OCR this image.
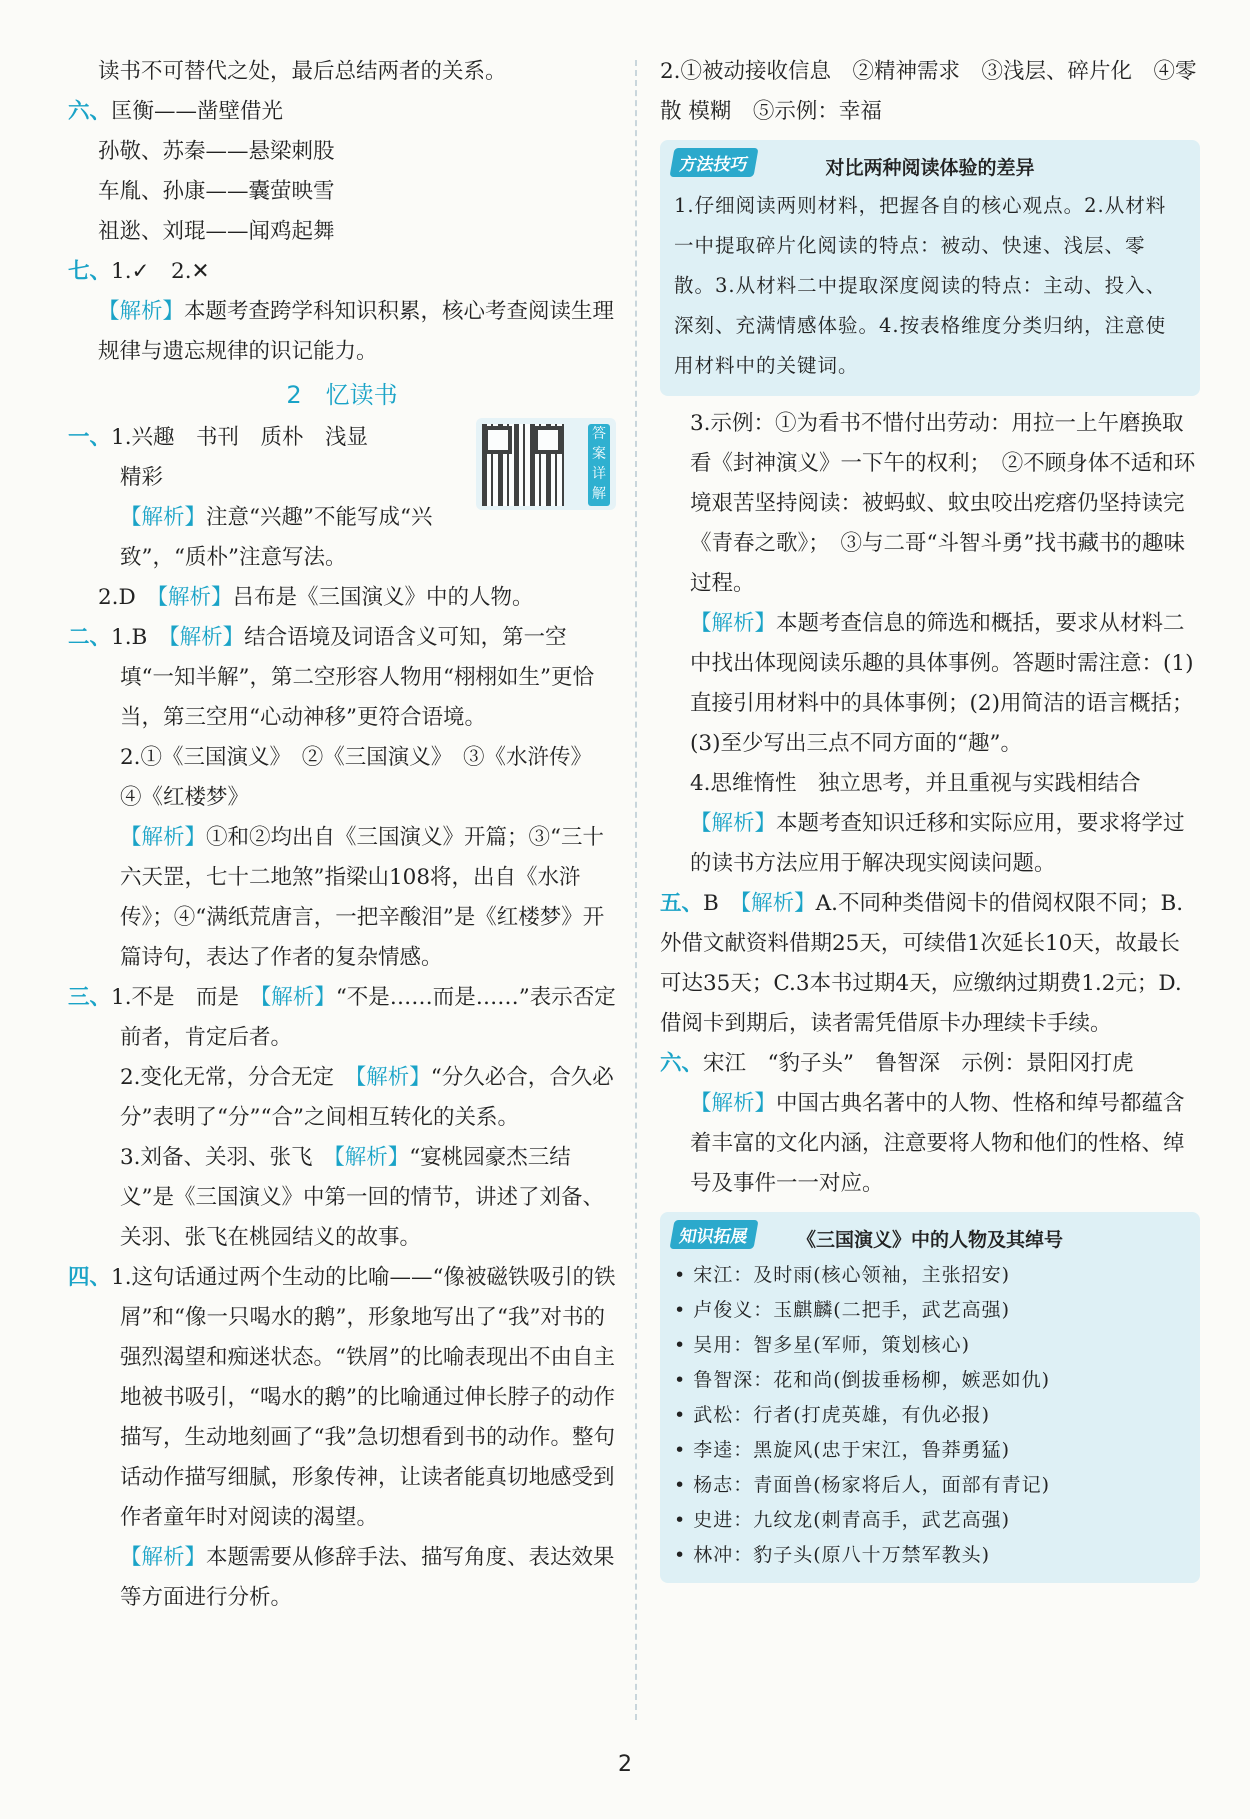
读书不可替代之处，最后总结两者的关系。

六、匡衡——凿壁借光

孙敬、苏秦——悬梁刺股

车胤、孙康——囊萤映雪

祖逖、刘琨——闻鸡起舞

七、1.✓　2.✕

【解析】本题考查跨学科知识积累，核心考查阅读生理规律与遗忘规律的识记能力。

2　忆读书
答案详解

一、1.兴趣　书刊　质朴　浅显

精彩

【解析】注意“兴趣”不能写成“兴致”，“质朴”注意写法。

2.D　 【解析】吕布是《三国演义》中的人物。

二、1.B　 【解析】结合语境及词语含义可知，第一空填“一知半解”，第二空形容人物用“栩栩如生”更恰当，第三空用“心动神移”更符合语境。

2.①《三国演义》　②《三国演义》　③《水浒传》　④《红楼梦》

【解析】①和②均出自《三国演义》开篇；③“三十六天罡，七十二地煞”指梁山108将，出自《水浒传》；④“满纸荒唐言，一把辛酸泪”是《红楼梦》开篇诗句，表达了作者的复杂情感。

三、1.不是　而是　 【解析】“不是……而是……”表示否定前者，肯定后者。

2.变化无常，分合无定　 【解析】“分久必合，合久必分”表明了“分”“合”之间相互转化的关系。

3.刘备、关羽、张飞　 【解析】“宴桃园豪杰三结义”是《三国演义》中第一回的情节，讲述了刘备、关羽、张飞在桃园结义的故事。

四、1.这句话通过两个生动的比喻——“像被磁铁吸引的铁屑”和“像一只喝水的鹅”，形象地写出了“我”对书的强烈渴望和痴迷状态。“铁屑”的比喻表现出不由自主地被书吸引，“喝水的鹅”的比喻通过伸长脖子的动作描写，生动地刻画了“我”急切想看到书的动作。整句话动作描写细腻，形象传神，让读者能真切地感受到作者童年时对阅读的渴望。

【解析】本题需要从修辞手法、描写角度、表达效果等方面进行分析。

2.①被动接收信息　②精神需求　③浅层、碎片化　④零散 模糊　⑤示例：幸福

方法技巧	对比两种阅读体验的差异

1.仔细阅读两则材料，把握各自的核心观点。2.从材料一中提取碎片化阅读的特点：被动、快速、浅层、零散。3.从材料二中提取深度阅读的特点：主动、投入、深刻、充满情感体验。4.按表格维度分类归纳，注意使用材料中的关键词。

3.示例：①为看书不惜付出劳动：用拉一上午磨换取看《封神演义》一下午的权利；　②不顾身体不适和环境艰苦坚持阅读：被蚂蚁、蚊虫咬出疙瘩仍坚持读完《青春之歌》；　③与二哥“斗智斗勇”找书藏书的趣味过程。

【解析】本题考查信息的筛选和概括，要求从材料二中找出体现阅读乐趣的具体事例。答题时需注意：(1)直接引用材料中的具体事例；(2)用简洁的语言概括；(3)至少写出三点不同方面的“趣”。

4.思维惰性　独立思考，并且重视与实践相结合

【解析】本题考查知识迁移和实际应用，要求将学过的读书方法应用于解决现实阅读问题。

五、B　 【解析】A.不同种类借阅卡的借阅权限不同；B.外借文献资料借期25天，可续借1次延长10天，故最长可达35天；C.3本书过期4天，应缴纳过期费1.2元；D.借阅卡到期后，读者需凭借原卡办理续卡手续。

六、宋江　“豹子头”　鲁智深　示例：景阳冈打虎

【解析】中国古典名著中的人物、性格和绰号都蕴含着丰富的文化内涵，注意要将人物和他们的性格、绰号及事件一一对应。

知识拓展	《三国演义》中的人物及其绰号

• 宋江：及时雨(核心领袖，主张招安)

• 卢俊义：玉麒麟(二把手，武艺高强)

• 吴用：智多星(军师，策划核心)

• 鲁智深：花和尚(倒拔垂杨柳，嫉恶如仇)

• 武松：行者(打虎英雄，有仇必报)

• 李逵：黑旋风(忠于宋江，鲁莽勇猛)

• 杨志：青面兽(杨家将后人，面部有青记)

• 史进：九纹龙(刺青高手，武艺高强)

• 林冲：豹子头(原八十万禁军教头)

2
